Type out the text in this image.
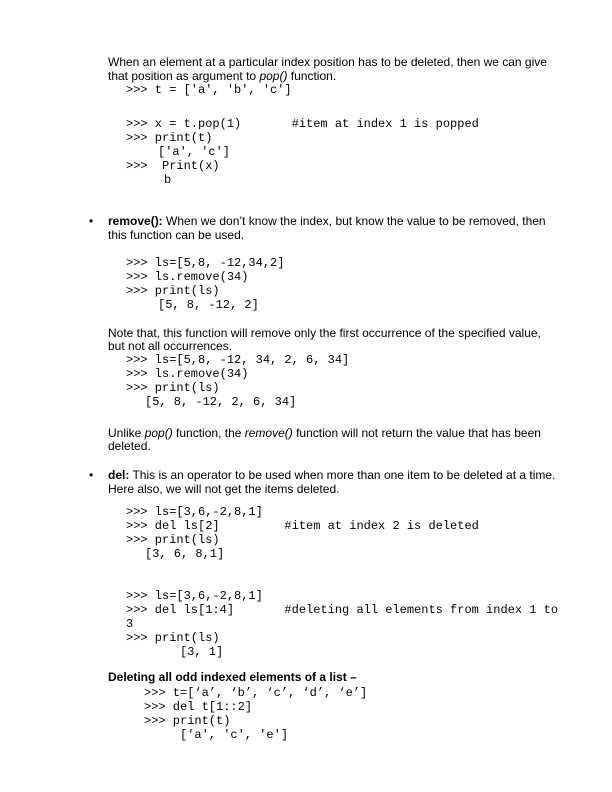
When an element at a particular index position has to be deleted, then we can give
that position as argument to pop() function.
>>> t = ['a', 'b', 'c']
>>> x = t.pop(1)       #item at index 1 is popped
>>> print(t)
['a', 'c']
>>>  Print(x)
b
• remove(): When we don’t know the index, but know the value to be removed, then
this function can be used.
>>> ls=[5,8, -12,34,2]
>>> ls.remove(34)
>>> print(ls)
[5, 8, -12, 2]
Note that, this function will remove only the first occurrence of the specified value,
but not all occurrences.
>>> ls=[5,8, -12, 34, 2, 6, 34]
>>> ls.remove(34)
>>> print(ls)
[5, 8, -12, 2, 6, 34]
Unlike pop() function, the remove() function will not return the value that has been
deleted.
• del: This is an operator to be used when more than one item to be deleted at a time.
Here also, we will not get the items deleted.
>>> ls=[3,6,-2,8,1]
>>> del ls[2]         #item at index 2 is deleted
>>> print(ls)
[3, 6, 8,1]
>>> ls=[3,6,-2,8,1]
>>> del ls[1:4]       #deleting all elements from index 1 to
3
>>> print(ls)
[3, 1]
Deleting all odd indexed elements of a list –
>>> t=[‘a’, ‘b’, ‘c’, ‘d’, ‘e’]
>>> del t[1::2]
>>> print(t)
['a', 'c', 'e']
